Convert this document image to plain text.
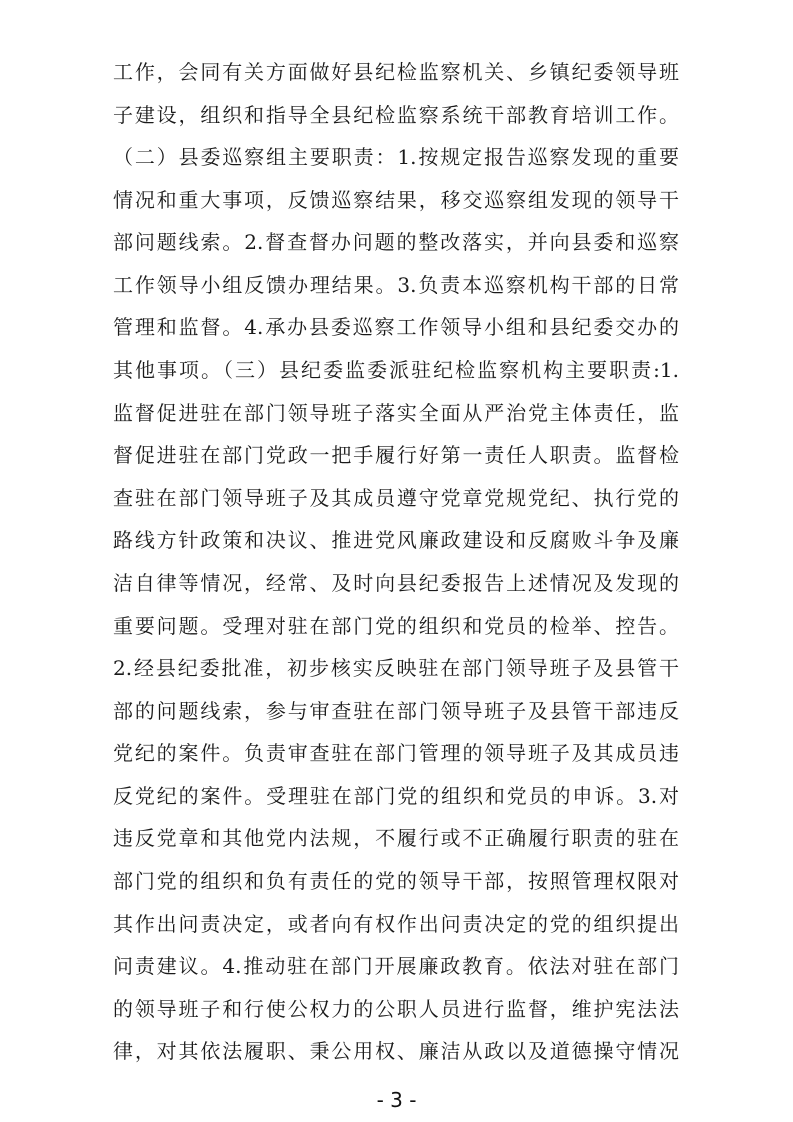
工作，会同有关方面做好县纪检监察机关、乡镇纪委领导班
子建设，组织和指导全县纪检监察系统干部教育培训工作。
（二）县委巡察组主要职责：1.按规定报告巡察发现的重要
情况和重大事项，反馈巡察结果，移交巡察组发现的领导干
部问题线索。2.督查督办问题的整改落实，并向县委和巡察
工作领导小组反馈办理结果。3.负责本巡察机构干部的日常
管理和监督。4.承办县委巡察工作领导小组和县纪委交办的
其他事项。（三）县纪委监委派驻纪检监察机构主要职责:1.
监督促进驻在部门领导班子落实全面从严治党主体责任，监
督促进驻在部门党政一把手履行好第一责任人职责。监督检
查驻在部门领导班子及其成员遵守党章党规党纪、执行党的
路线方针政策和决议、推进党风廉政建设和反腐败斗争及廉
洁自律等情况，经常、及时向县纪委报告上述情况及发现的
重要问题。受理对驻在部门党的组织和党员的检举、控告。
2.经县纪委批准，初步核实反映驻在部门领导班子及县管干
部的问题线索，参与审查驻在部门领导班子及县管干部违反
党纪的案件。负责审查驻在部门管理的领导班子及其成员违
反党纪的案件。受理驻在部门党的组织和党员的申诉。3.对
违反党章和其他党内法规，不履行或不正确履行职责的驻在
部门党的组织和负有责任的党的领导干部，按照管理权限对
其作出问责决定，或者向有权作出问责决定的党的组织提出
问责建议。4.推动驻在部门开展廉政教育。依法对驻在部门
的领导班子和行使公权力的公职人员进行监督，维护宪法法
律，对其依法履职、秉公用权、廉洁从政以及道德操守情况
- 3 -
